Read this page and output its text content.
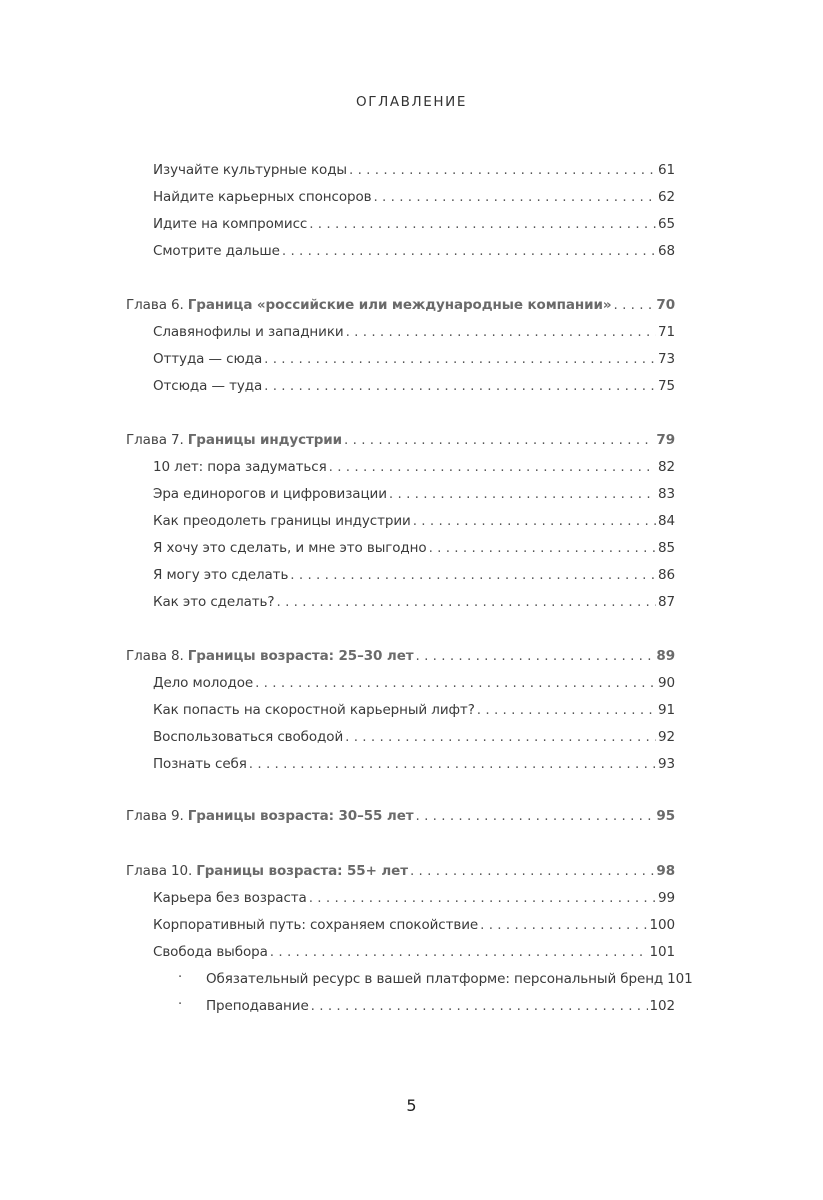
ОГЛАВЛЕНИЕ
Изучайте культурные коды . . .	61
Найдите карьерных спонсоров . . .	62
Идите на компромисс . . .	65
Смотрите дальше . . .	68
Глава 6. Граница «российские или международные компании» . . .	70
Славянофилы и западники . . .	71
Оттуда — сюда . . .	73
Отсюда — туда . . .	75
Глава 7. Границы индустрии . . .	79
10 лет: пора задуматься . . .	82
Эра единорогов и цифровизации . . .	83
Как преодолеть границы индустрии . . .	84
Я хочу это сделать, и мне это выгодно . . .	85
Я могу это сделать . . .	86
Как это сделать? . . .	87
Глава 8. Границы возраста: 25–30 лет . . .	89
Дело молодое . . .	90
Как попасть на скоростной карьерный лифт? . . .	91
Воспользоваться свободой . . .	92
Познать себя . . .	93
Глава 9. Границы возраста: 30–55 лет . . .	95
Глава 10. Границы возраста: 55+ лет . . .	98
Карьера без возраста . . .	99
Корпоративный путь: сохраняем спокойствие . . .	100
Свобода выбора . . .	101
· Обязательный ресурс в вашей платформе: персональный бренд 101
· Преподавание . . .	102
5
